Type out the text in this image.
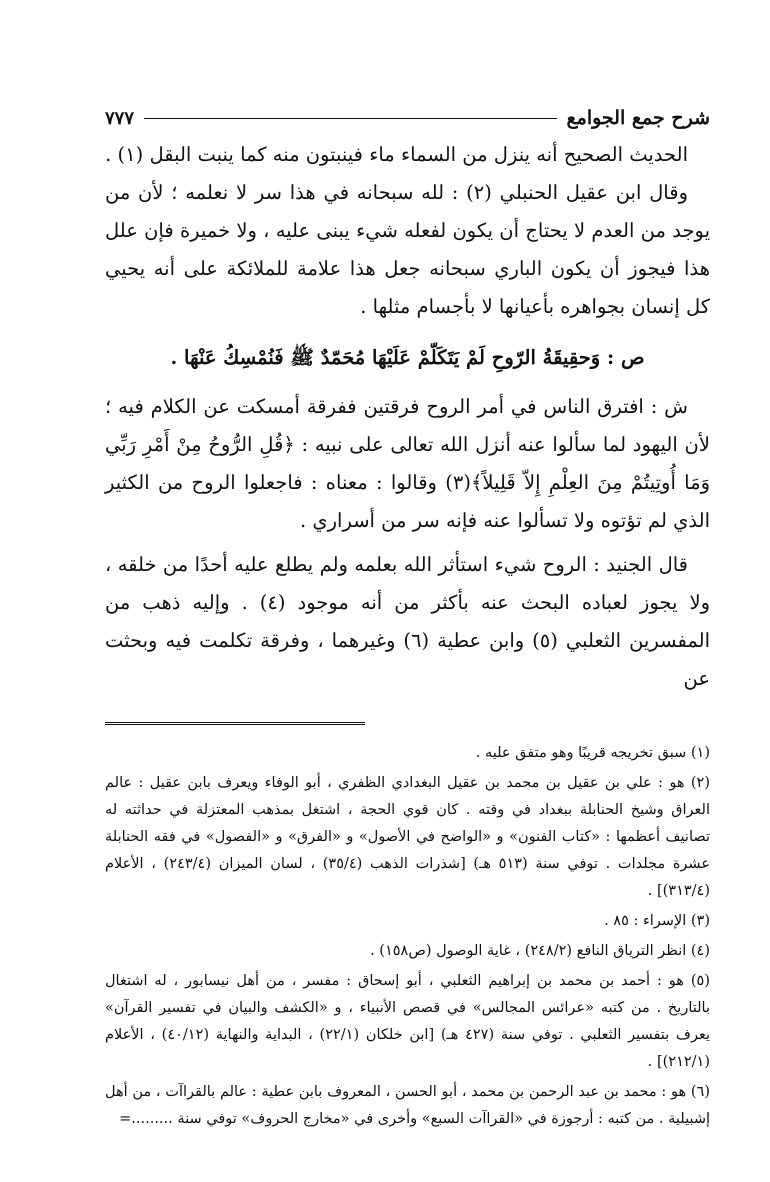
شرح جمع الجوامع
٧٧٧

الحديث الصحيح أنه ينزل من السماء ماء فينبتون منه كما ينبت البقل (١) .

وقال ابن عقيل الحنبلي (٢) : لله سبحانه في هذا سر لا نعلمه ؛ لأن من يوجد من العدم لا يحتاج أن يكون لفعله شيء يبنى عليه ، ولا خميرة فإن علل هذا فيجوز أن يكون الباري سبحانه جعل هذا علامة للملائكة على أنه يحيي كل إنسان بجواهره بأعيانها لا بأجسام مثلها .

ص : وَحقِيقَةُ الرّوحِ لَمْ يَتَكَلّمْ عَلَيْهَا مُحَمّدٌ ﷺ فَنُمْسِكُ عَنْهَا .

ش : افترق الناس في أمر الروح فرقتين ففرقة أمسكت عن الكلام فيه ؛ لأن اليهود لما سألوا عنه أنزل الله تعالى على نبيه : ﴿قُلِ الرُّوحُ مِنْ أَمْرِ رَبِّي وَمَا أُوتِيتُمْ مِنَ العِلْمِ إِلاّ قَلِيلاً﴾(٣) وقالوا : معناه : فاجعلوا الروح من الكثير الذي لم تؤتوه ولا تسألوا عنه فإنه سر من أسراري .

قال الجنيد : الروح شيء استأثر الله بعلمه ولم يطلع عليه أحدًا من خلقه ، ولا يجوز لعباده البحث عنه بأكثر من أنه موجود (٤) . وإليه ذهب من المفسرين الثعلبي (٥) وابن عطية (٦) وغيرهما ، وفرقة تكلمت فيه وبحثت عن

(١) سبق تخريجه قريبًا وهو متفق عليه .

(٢) هو : علي بن عقيل بن محمد بن عقيل البغدادي الظفري ، أبو الوفاء ويعرف بابن عقيل : عالم العراق وشيخ الحنابلة ببغداد في وقته . كان قوي الحجة ، اشتغل بمذهب المعتزلة في حداثته له تصانيف أعظمها : «كتاب الفنون» و «الواضح في الأصول» و «الفرق» و «الفصول» في فقه الحنابلة عشرة مجلدات . توفي سنة (٥١٣ هـ) [شذرات الذهب (٣٥/٤) ، لسان الميزان (٢٤٣/٤) ، الأعلام (٣١٣/٤)] .

(٣) الإسراء : ٨٥ .

(٤) انظر الترياق النافع (٢٤٨/٢) ، غاية الوصول (ص١٥٨) .

(٥) هو : أحمد بن محمد بن إبراهيم الثعلبي ، أبو إسحاق : مفسر ، من أهل نيسابور ، له اشتغال بالتاريخ . من كتبه «عرائس المجالس» في قصص الأنبياء ، و «الكشف والبيان في تفسير القرآن» يعرف بتفسير الثعلبي . توفي سنة (٤٢٧ هـ) [ابن خلكان (٢٢/١) ، البداية والنهاية (٤٠/١٢) ، الأعلام (٢١٢/١)] .

(٦) هو : محمد بن عبد الرحمن بن محمد ، أبو الحسن ، المعروف بابن عطية : عالم بالقراآت ، من أهل إشبيلية . من كتبه : أرجوزة في «القراآت السبع» وأخرى في «مخارج الحروف» توفي سنة .........=
